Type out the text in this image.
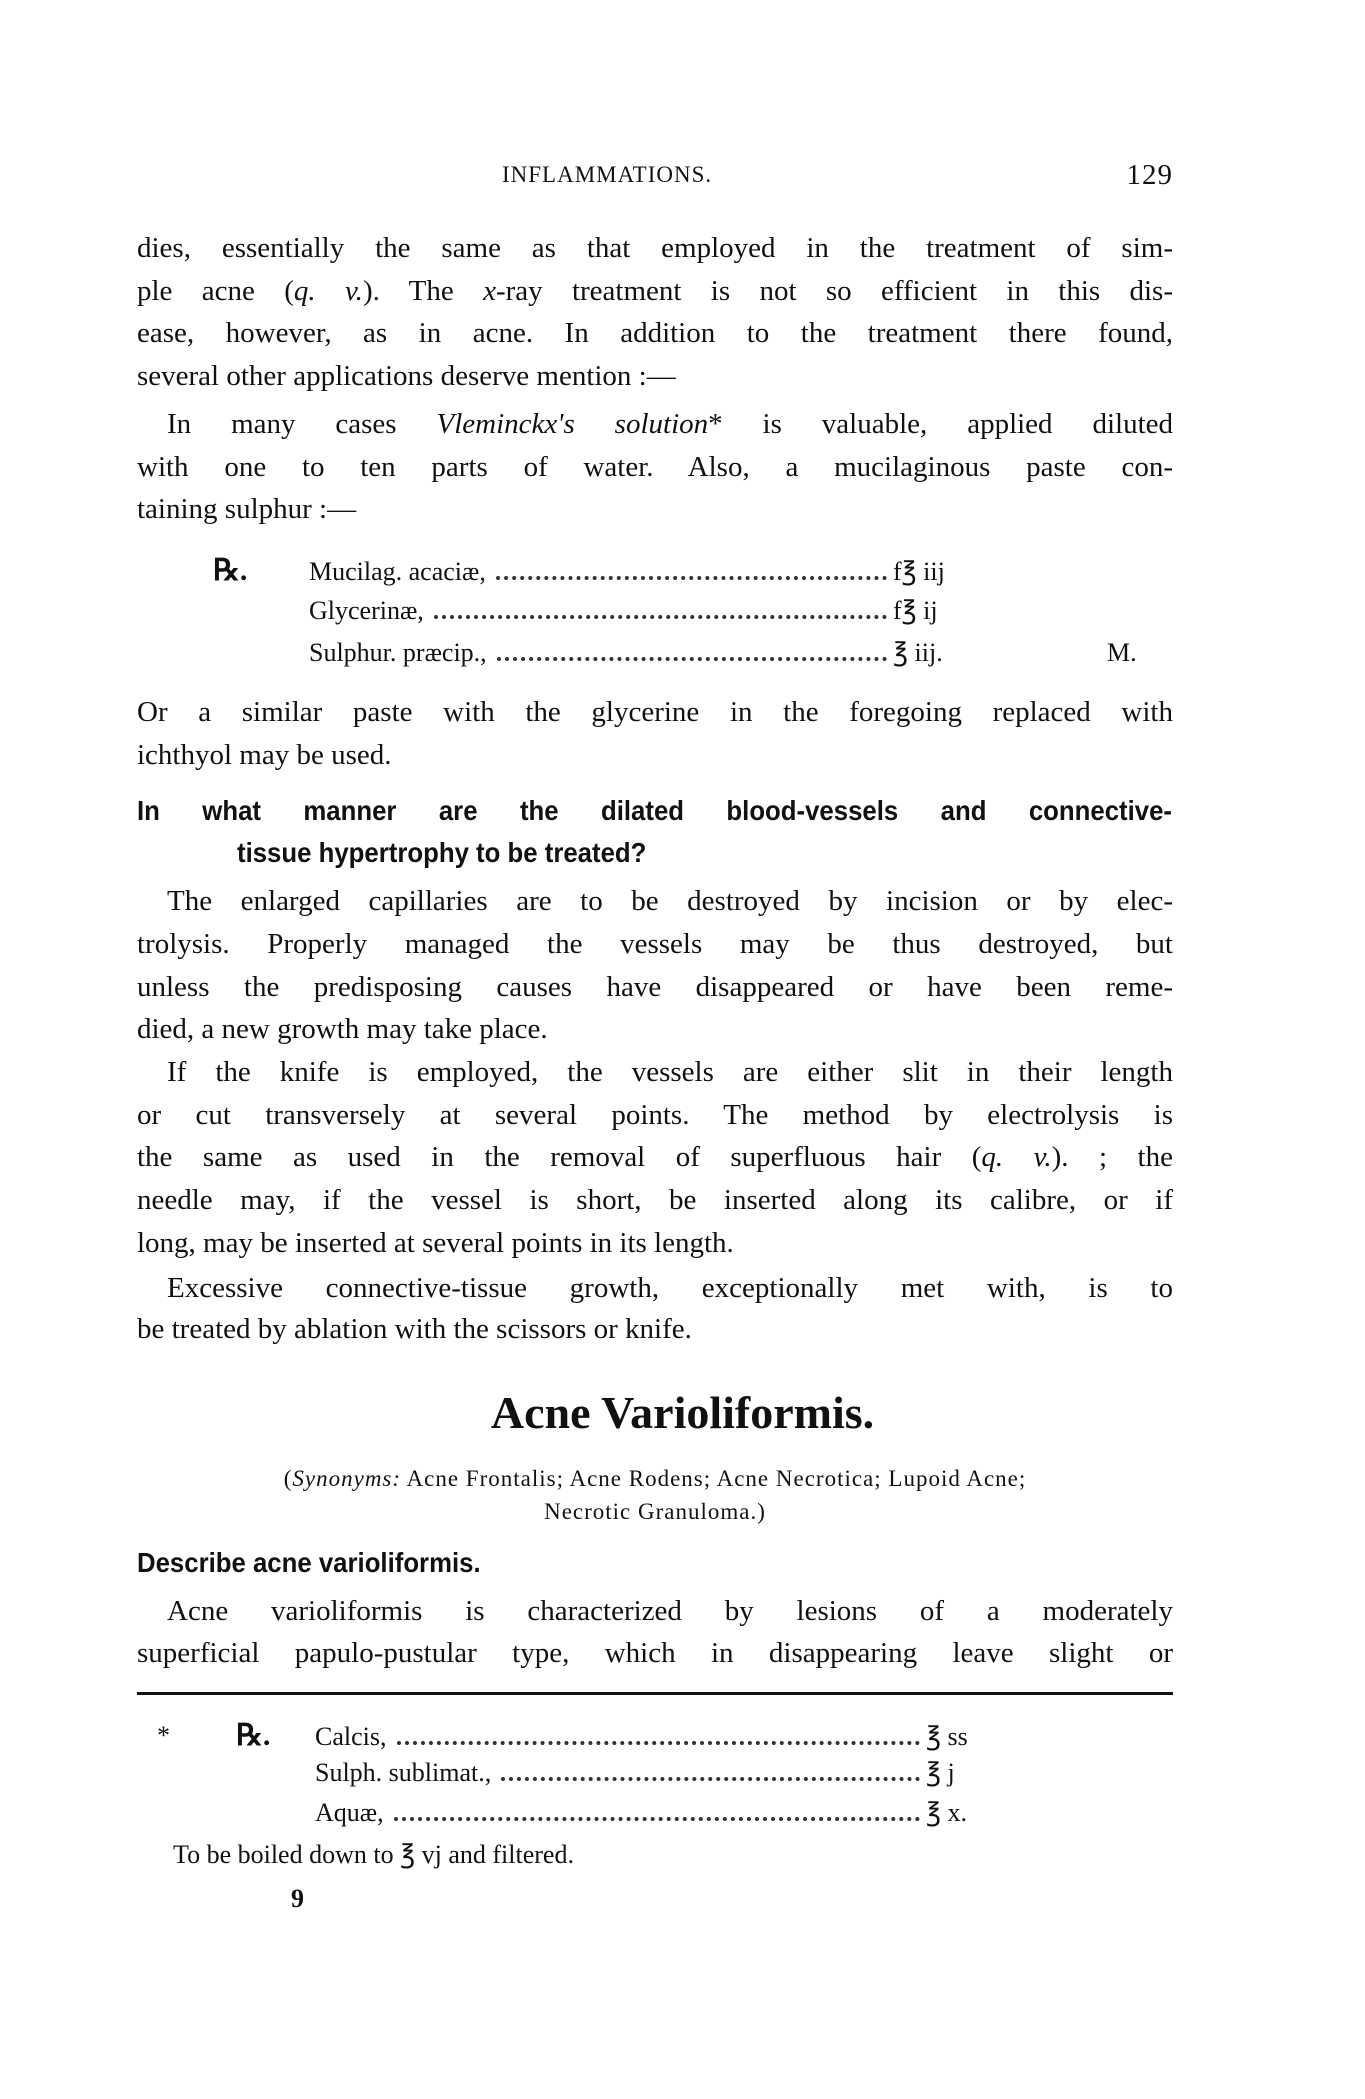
INFLAMMATIONS.	129
dies, essentially the same as that employed in the treatment of sim-
ple acne (q. v.). The x-ray treatment is not so efficient in this dis-
ease, however, as in acne. In addition to the treatment there found,
several other applications deserve mention :—
In many cases Vleminckx's solution* is valuable, applied diluted
with one to ten parts of water. Also, a mucilaginous paste con-
taining sulphur :—
℞.	Mucilag. acaciæ,	f℥ iij
Glycerinæ,	f℥ ij
Sulphur. præcip.,	℥ iij.	M.
Or a similar paste with the glycerine in the foregoing replaced with
ichthyol may be used.
In what manner are the dilated blood-vessels and connective-
tissue hypertrophy to be treated?
The enlarged capillaries are to be destroyed by incision or by elec-
trolysis. Properly managed the vessels may be thus destroyed, but
unless the predisposing causes have disappeared or have been reme-
died, a new growth may take place.
If the knife is employed, the vessels are either slit in their length
or cut transversely at several points. The method by electrolysis is
the same as used in the removal of superfluous hair (q. v.). ; the
needle may, if the vessel is short, be inserted along its calibre, or if
long, may be inserted at several points in its length.
Excessive connective-tissue growth, exceptionally met with, is to
be treated by ablation with the scissors or knife.
Acne Varioliformis.
(Synonyms: Acne Frontalis; Acne Rodens; Acne Necrotica; Lupoid Acne;
Necrotic Granuloma.)
Describe acne varioliformis.
Acne varioliformis is characterized by lesions of a moderately
superficial papulo-pustular type, which in disappearing leave slight or
* ℞.	Calcis,	℥ ss
Sulph. sublimat.,	℥ j
Aquæ,	℥ x.
To be boiled down to ℥ vj and filtered.
9
